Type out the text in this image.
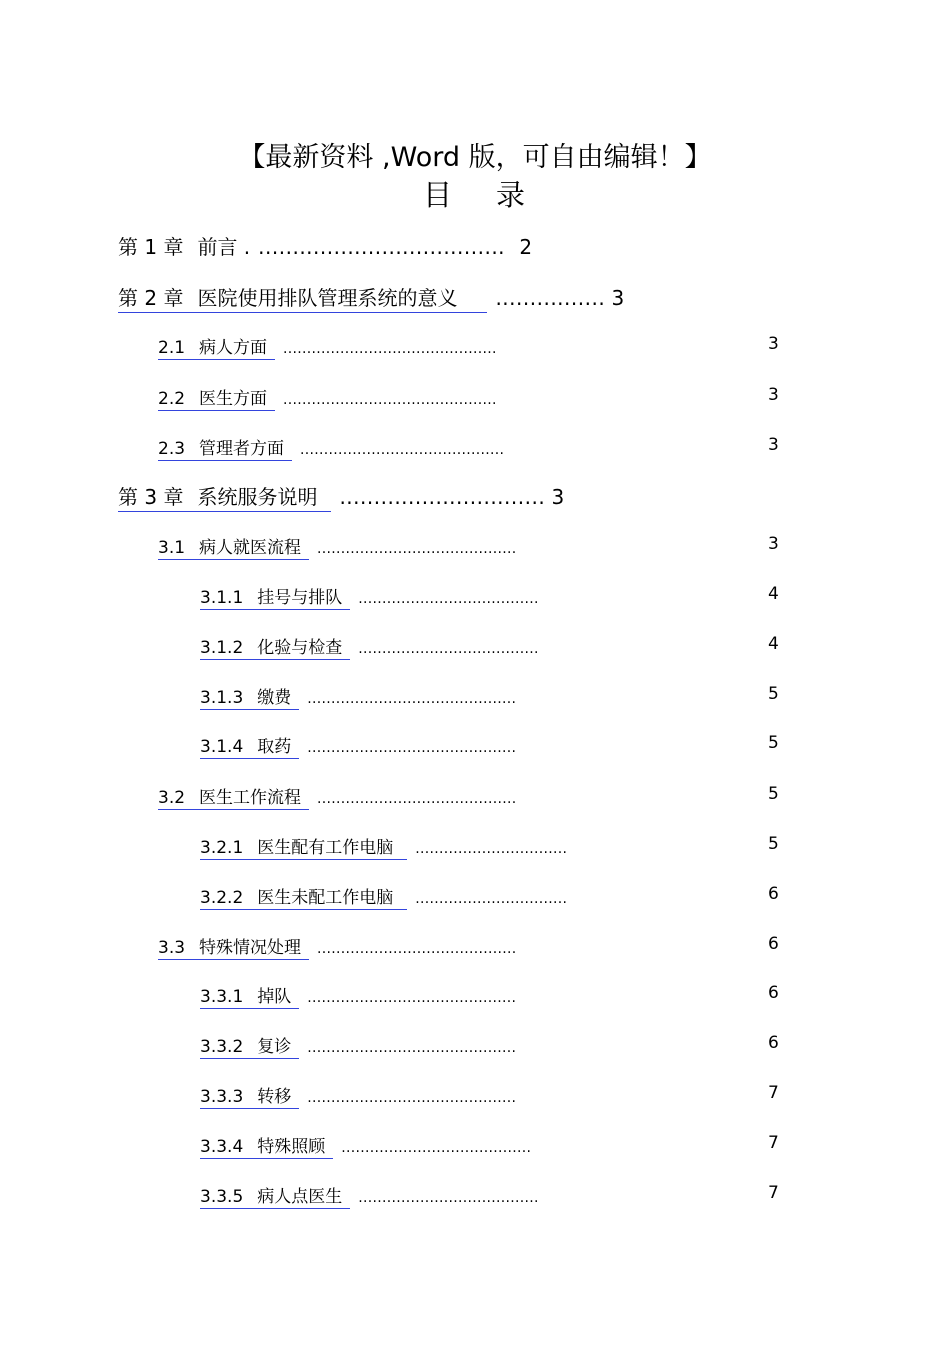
【最新资料 ,Word 版，可自由编辑！】
目 录
第 1 章 前言 . .................................... 2
第 2 章 医院使用排队管理系统的意义 ................ 3
2.1 病人方面 .............................................	3
2.2 医生方面 .............................................	3
2.3 管理者方面 ...........................................	3
第 3 章 系统服务说明 .............................. 3
3.1 病人就医流程 ..........................................	3
3.1.1 挂号与排队 ......................................	4
3.1.2 化验与检查 ......................................	4
3.1.3 缴费 ............................................	5
3.1.4 取药 ............................................	5
3.2 医生工作流程 ..........................................	5
3.2.1 医生配有工作电脑 ................................	5
3.2.2 医生未配工作电脑 ................................	6
3.3 特殊情况处理 ..........................................	6
3.3.1 掉队 ............................................	6
3.3.2 复诊 ............................................	6
3.3.3 转移 ............................................	7
3.3.4 特殊照顾 ........................................	7
3.3.5 病人点医生 ......................................	7
